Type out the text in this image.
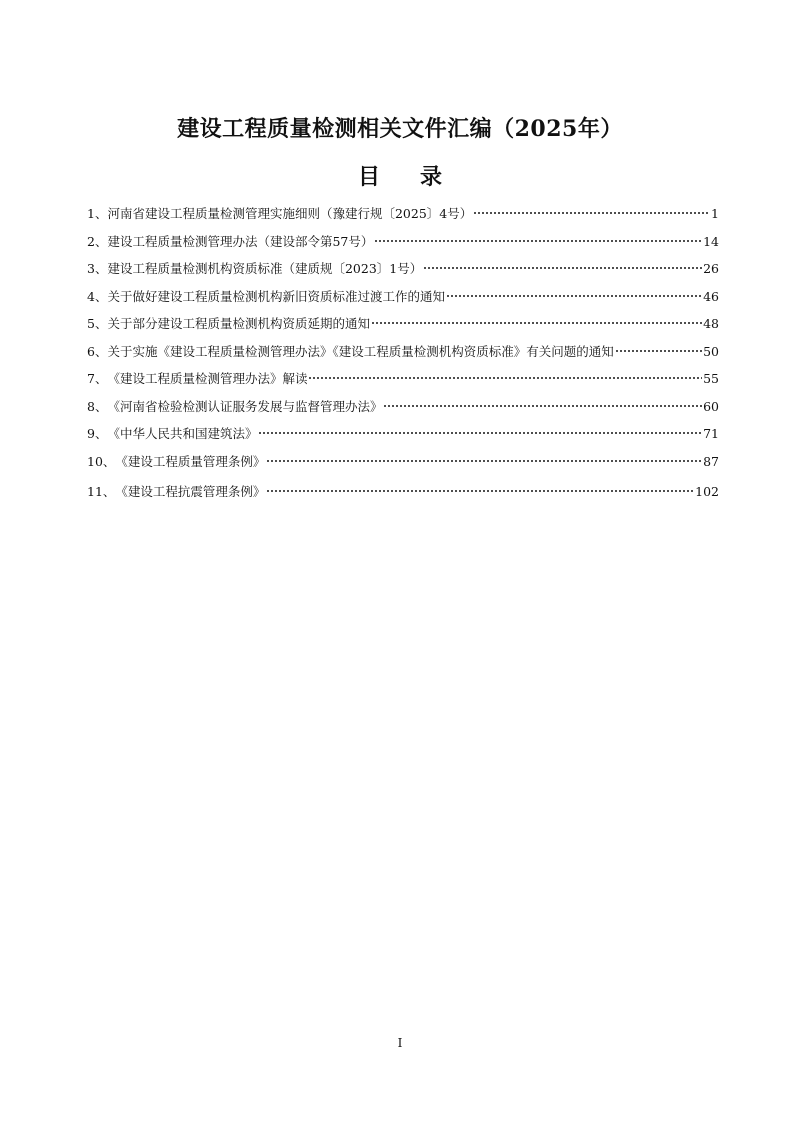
建设工程质量检测相关文件汇编（2025年）
目录
1、 河南省建设工程质量检测管理实施细则（豫建行规〔2025〕4号）	1
2、 建设工程质量检测管理办法（建设部令第57号）	14
3、 建设工程质量检测机构资质标准（建质规〔2023〕1号）	26
4、 关于做好建设工程质量检测机构新旧资质标准过渡工作的通知	46
5、 关于部分建设工程质量检测机构资质延期的通知	48
6、 关于实施《建设工程质量检测管理办法》《建设工程质量检测机构资质标准》有关问题的通知	50
7、 《建设工程质量检测管理办法》解读	55
8、 《河南省检验检测认证服务发展与监督管理办法》	60
9、 《中华人民共和国建筑法》	71
10、 《建设工程质量管理条例》	87
11、 《建设工程抗震管理条例》	102
I
